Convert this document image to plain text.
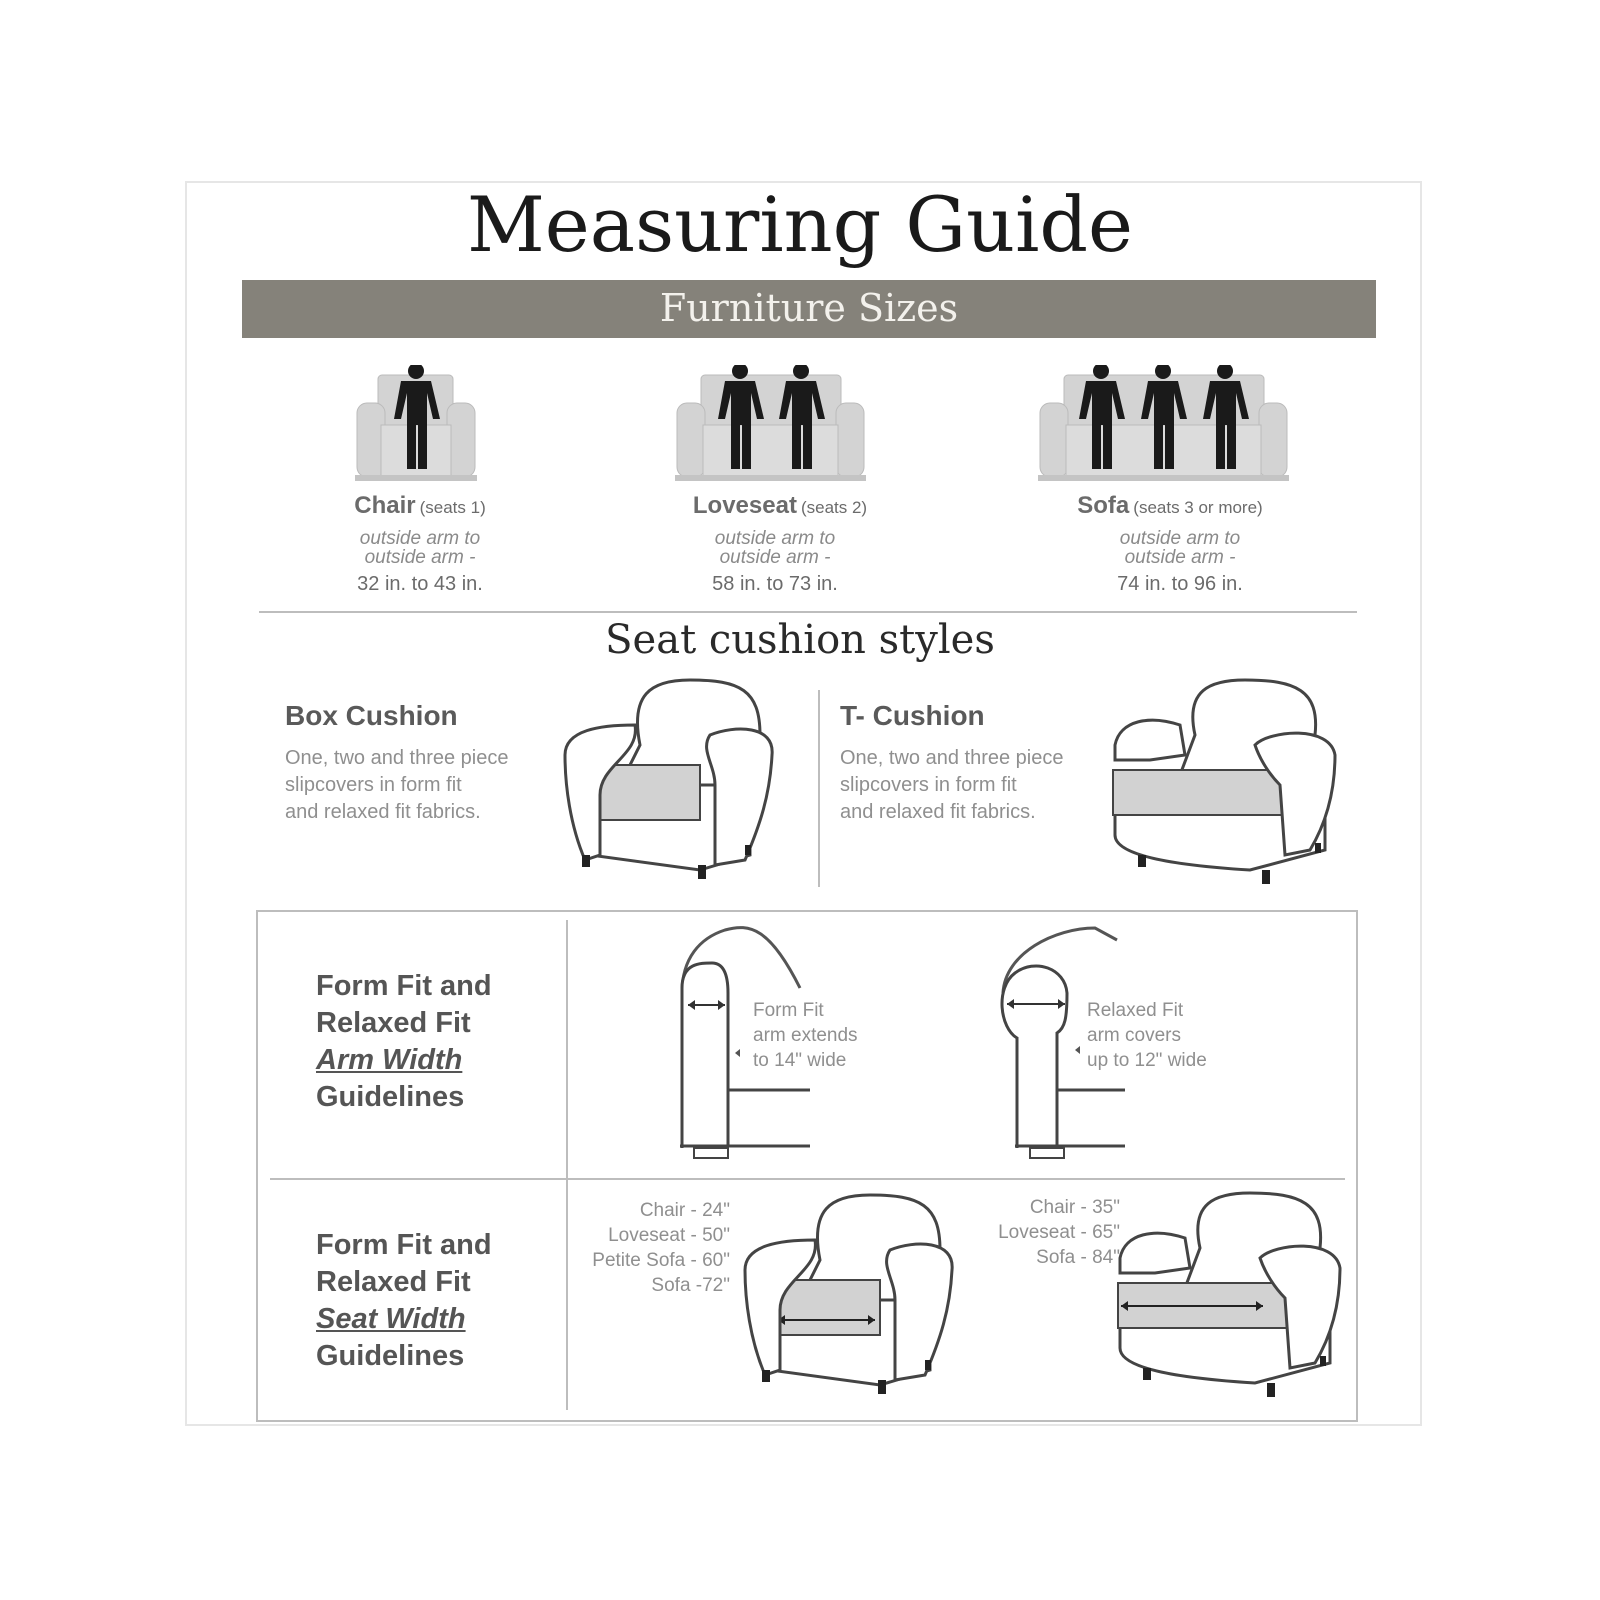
Measuring Guide
Furniture Sizes
Chair (seats 1)
outside arm to
outside arm -
32 in. to 43 in.
Loveseat (seats 2)
outside arm to
outside arm -
58 in. to 73 in.
Sofa (seats 3 or more)
outside arm to
outside arm -
74 in. to 96 in.
Seat cushion styles
Box Cushion
One, two and three piece
slipcovers in form fit
and relaxed fit fabrics.
T- Cushion
One, two and three piece
slipcovers in form fit
and relaxed fit fabrics.
Form Fit and
Relaxed Fit
Arm Width
Guidelines
Form Fit
arm extends
to 14" wide
Relaxed Fit
arm covers
up to 12" wide
Form Fit and
Relaxed Fit
Seat Width
Guidelines
Chair - 24"
Loveseat - 50"
Petite Sofa - 60"
Sofa -72"
Chair - 35"
Loveseat - 65"
Sofa - 84"
